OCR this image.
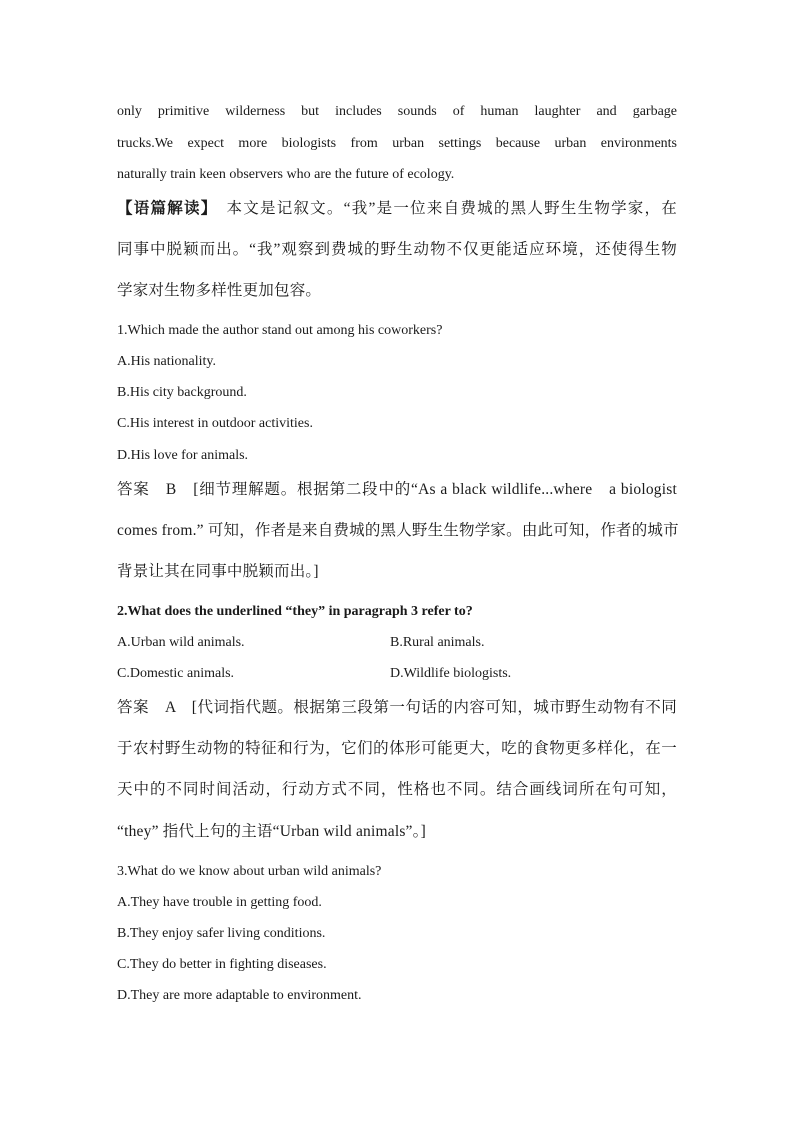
only primitive wilderness but includes sounds of human laughter and garbage
trucks.We expect more biologists from urban settings because urban environments
naturally train keen observers who are the future of ecology.
【语篇解读】　 本文是记叙文。“我”是一位来自费城的黑人野生生物学家，在
同事中脱颖而出。“我”观察到费城的野生动物不仅更能适应环境，还使得生物
学家对生物多样性更加包容。
1.Which made the author stand out among his coworkers?
A.His nationality.
B.His city background.
C.His interest in outdoor activities.
D.His love for animals.
答案　B　[细节理解题。根据第二段中的“As a black wildlife...where　a biologist
comes from.” 可知，作者是来自费城的黑人野生生物学家。由此可知，作者的城市
背景让其在同事中脱颖而出。]
2.What does the underlined “they” in paragraph 3 refer to?
A.Urban wild animals.	B.Rural animals.
C.Domestic animals.	D.Wildlife biologists.
答案　A　[代词指代题。根据第三段第一句话的内容可知，城市野生动物有不同
于农村野生动物的特征和行为，它们的体形可能更大，吃的食物更多样化，在一
天中的不同时间活动，行动方式不同，性格也不同。结合画线词所在句可知，
“they” 指代上句的主语“Urban wild animals”。]
3.What do we know about urban wild animals?
A.They have trouble in getting food.
B.They enjoy safer living conditions.
C.They do better in fighting diseases.
D.They are more adaptable to environment.
